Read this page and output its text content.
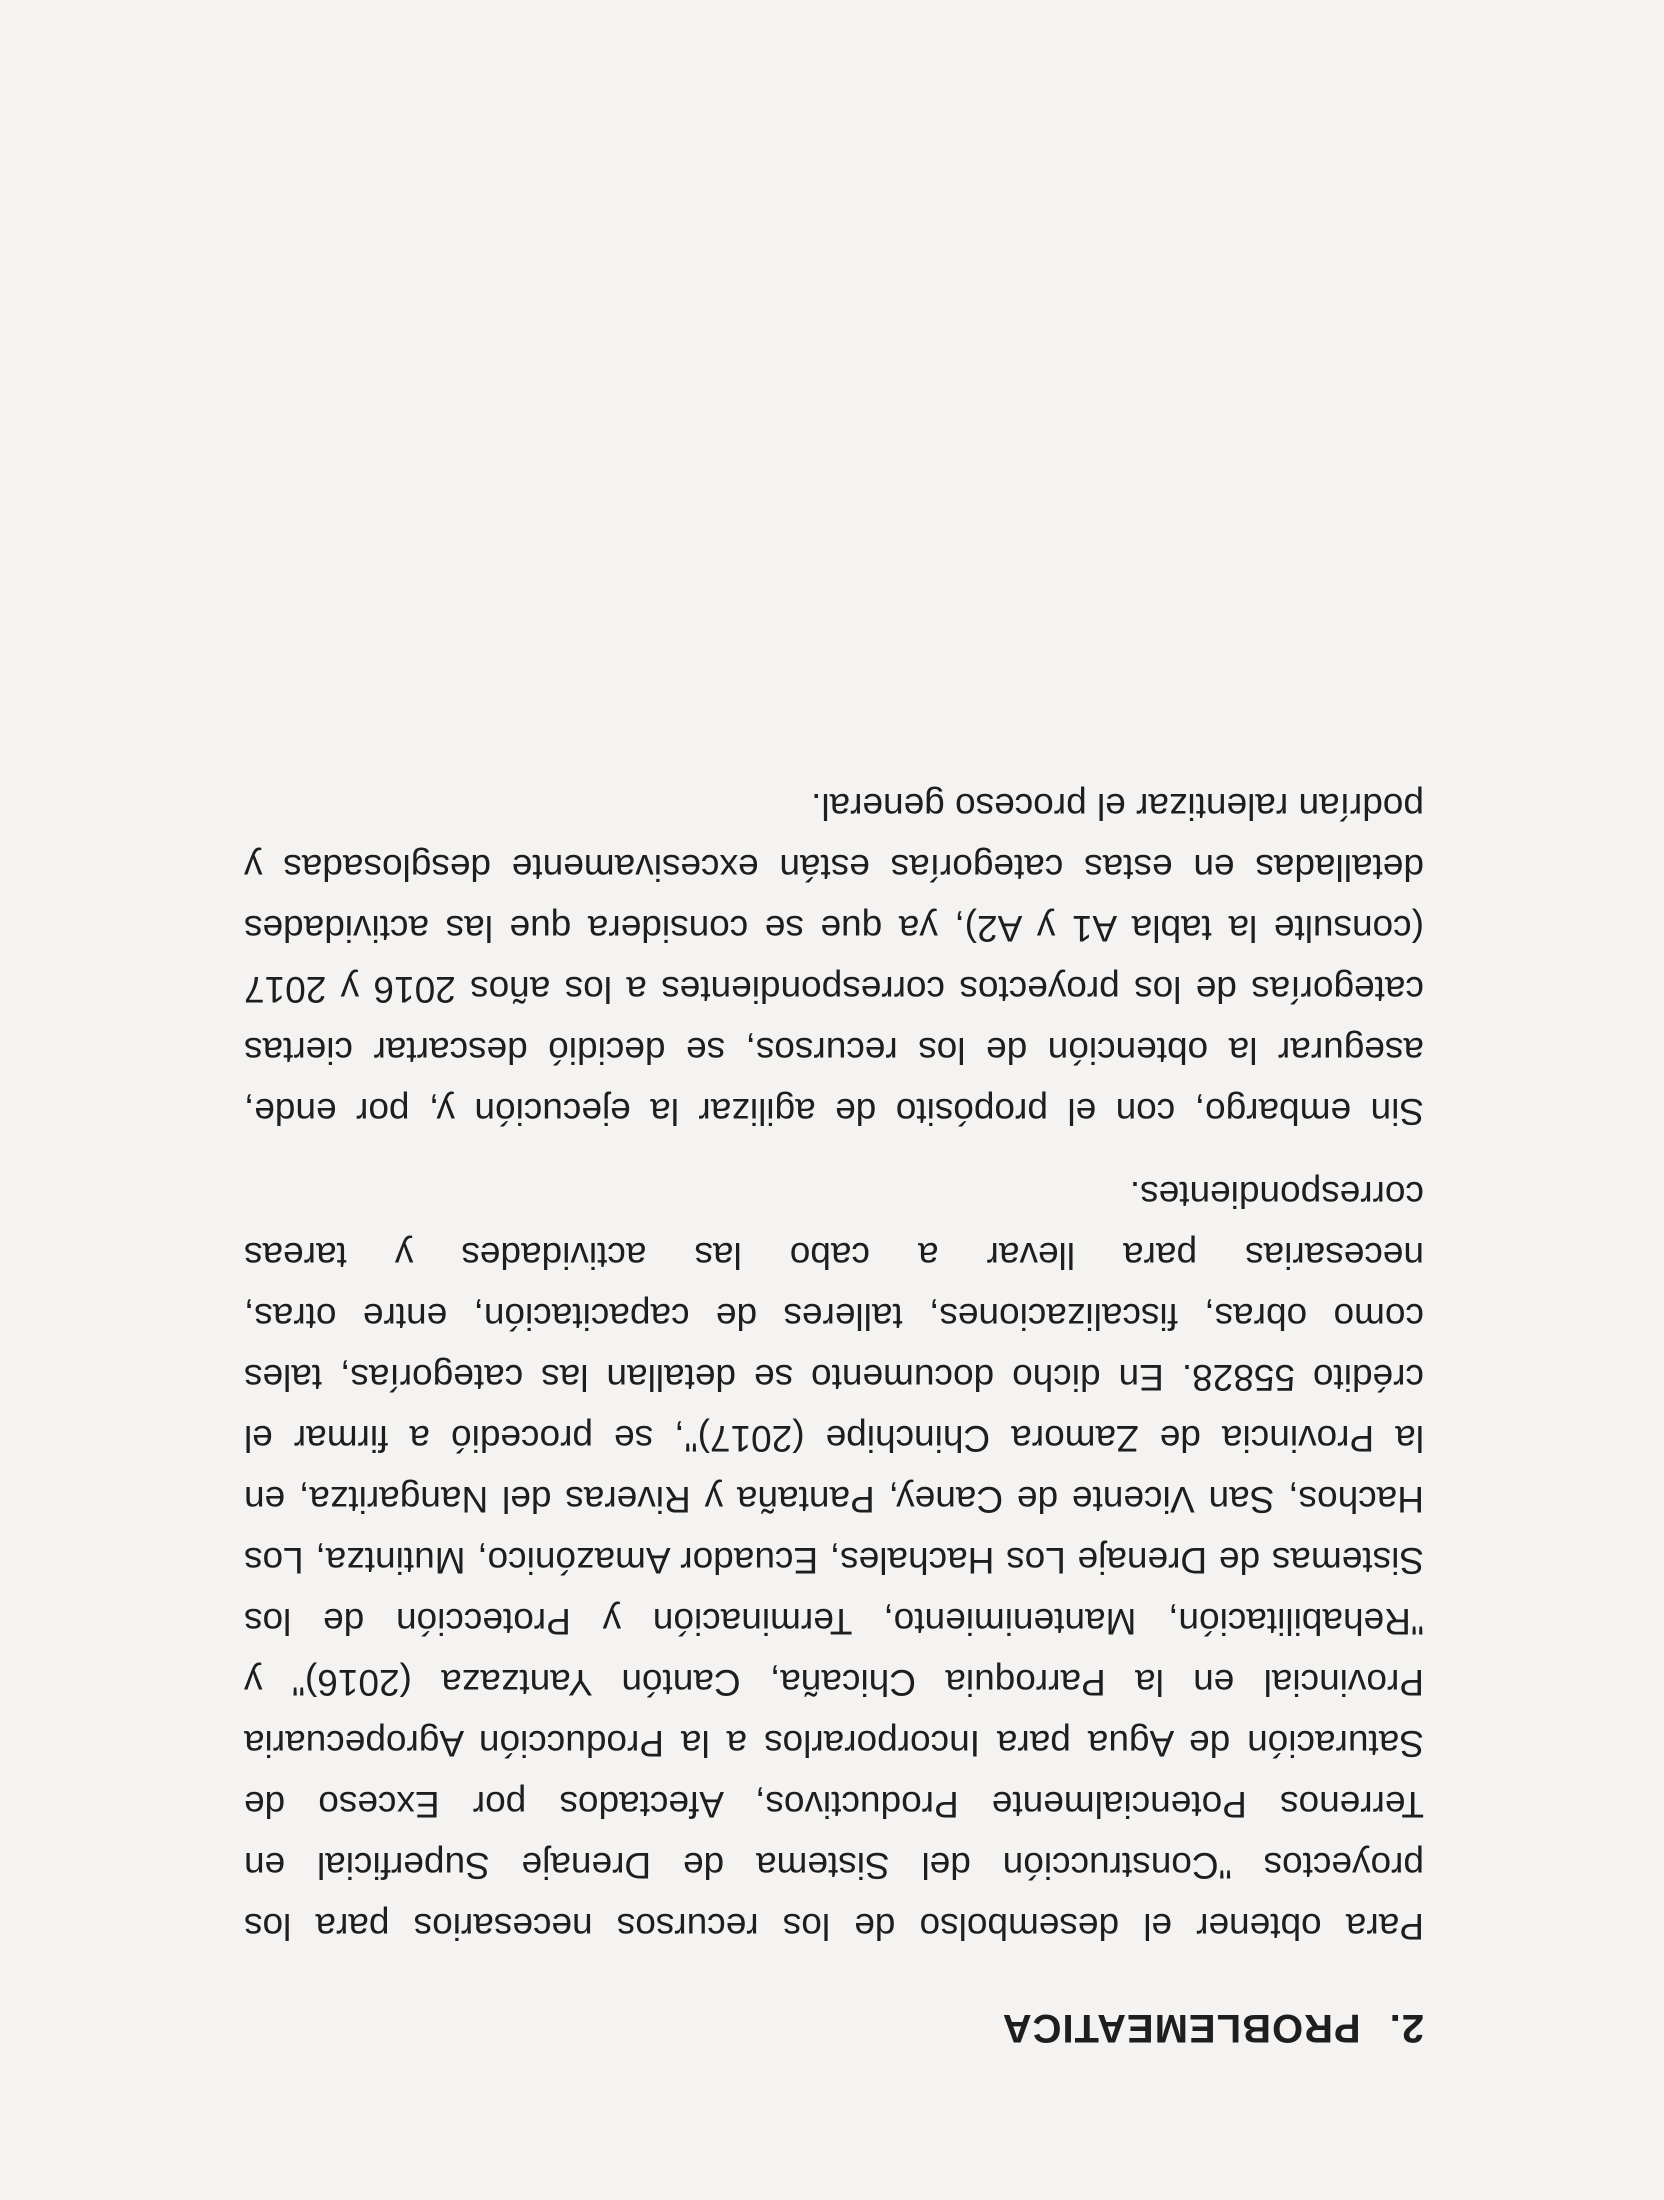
2.
PROBLEMEATICA

Para obtener el desembolso de los recursos necesarios para los proyectos "Construcción del Sistema de Drenaje Superficial en Terrenos Potencialmente Productivos, Afectados por Exceso de Saturación de Agua para Incorporarlos a la Producción Agropecuaria Provincial en la Parroquia Chicaña, Cantón Yantzaza (2016)" y "Rehabilitación, Mantenimiento, Terminación y Protección de los Sistemas de Drenaje Los Hachales, Ecuador Amazónico, Mutintza, Los Hachos, San Vicente de Caney, Pantaña y Riveras del Nangaritza, en la Provincia de Zamora Chinchipe (2017)", se procedió a firmar el crédito 55828. En dicho documento se detallan las categorías, tales como obras, fiscalizaciones, talleres de capacitación, entre otras, necesarias para llevar a cabo las actividades y tareas correspondientes.

Sin embargo, con el propósito de agilizar la ejecución y, por ende, asegurar la obtención de los recursos, se decidió descartar ciertas categorías de los proyectos correspondientes a los años 2016 y 2017 (consulte la tabla A1 y A2), ya que se considera que las actividades detalladas en estas categorías están excesivamente desglosadas y podrían ralentizar el proceso general.
